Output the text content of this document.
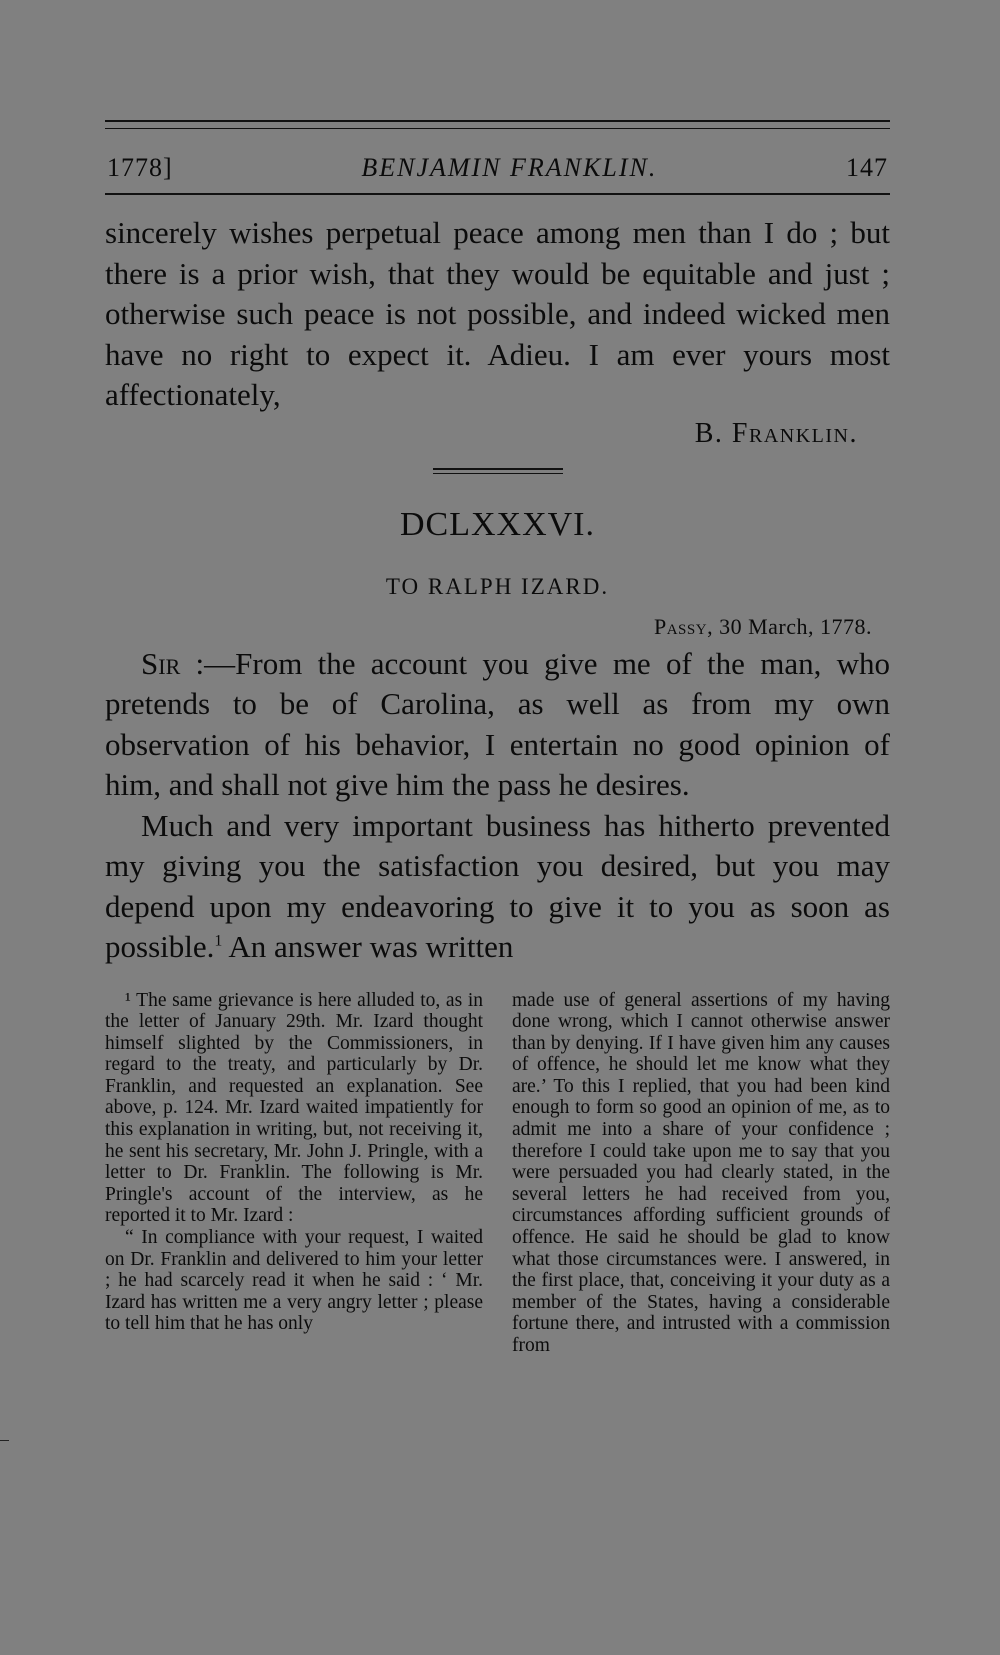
1778]	BENJAMIN FRANKLIN.	147

sincerely wishes perpetual peace among men than I do ; but there is a prior wish, that they would be equitable and just ; otherwise such peace is not possible, and indeed wicked men have no right to expect it. Adieu. I am ever yours most affectionately,

B. Franklin.
DCLXXXVI.
TO RALPH IZARD.
Passy, 30 March, 1778.

Sir :—From the account you give me of the man, who pretends to be of Carolina, as well as from my own observation of his behavior, I entertain no good opinion of him, and shall not give him the pass he desires.

Much and very important business has hitherto prevented my giving you the satisfaction you desired, but you may depend upon my endeavoring to give it to you as soon as possible.$^1$ An answer was written

¹ The same grievance is here alluded to, as in the letter of January 29th. Mr. Izard thought himself slighted by the Commissioners, in regard to the treaty, and particularly by Dr. Franklin, and requested an explanation. See above, p. 124. Mr. Izard waited impatiently for this explanation in writing, but, not receiving it, he sent his secretary, Mr. John J. Pringle, with a letter to Dr. Franklin. The following is Mr. Pringle's account of the interview, as he reported it to Mr. Izard :

“ In compliance with your request, I waited on Dr. Franklin and delivered to him your letter ; he had scarcely read it when he said : ‘ Mr. Izard has written me a very angry letter ; please to tell him that he has only

made use of general assertions of my having done wrong, which I cannot otherwise answer than by denying. If I have given him any causes of offence, he should let me know what they are.’ To this I replied, that you had been kind enough to form so good an opinion of me, as to admit me into a share of your confidence ; therefore I could take upon me to say that you were persuaded you had clearly stated, in the several letters he had received from you, circumstances affording sufficient grounds of offence. He said he should be glad to know what those circumstances were. I answered, in the first place, that, conceiving it your duty as a member of the States, having a considerable fortune there, and intrusted with a commission from
